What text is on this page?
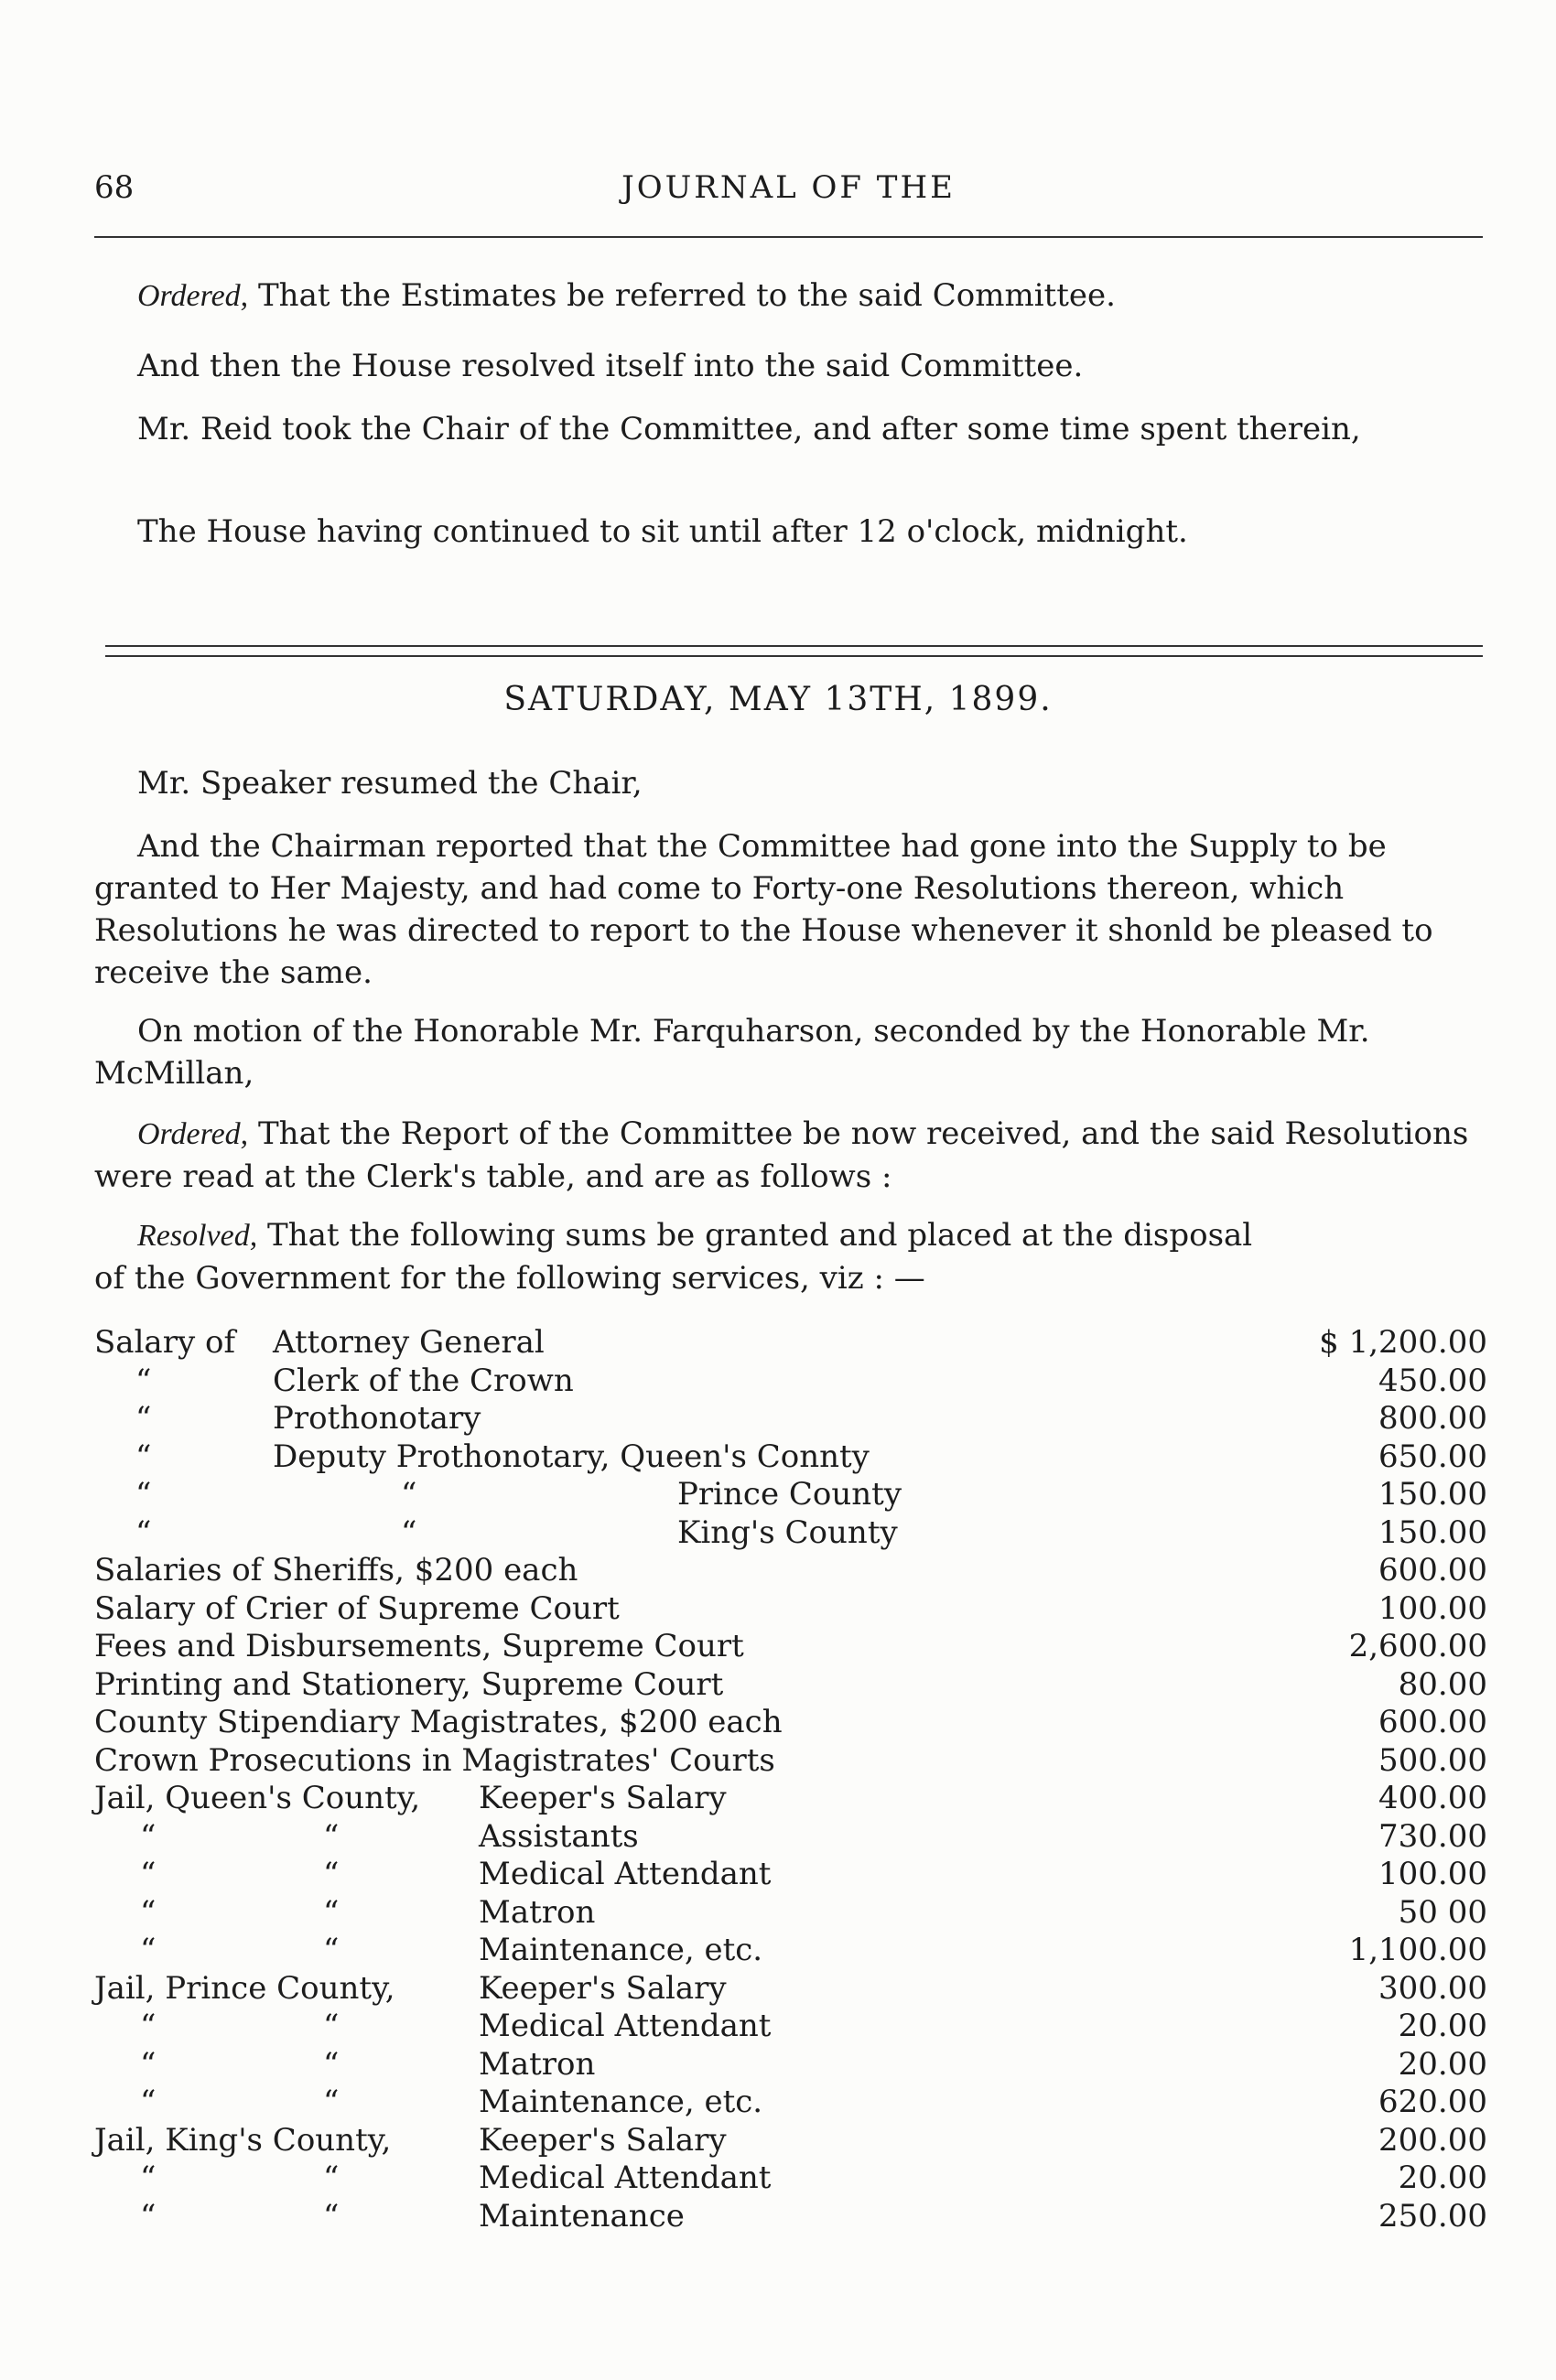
68	JOURNAL OF THE

Ordered, That the Estimates be referred to the said Committee.

And then the House resolved itself into the said Committee.

Mr. Reid took the Chair of the Committee, and after some time spent therein,

The House having continued to sit until after 12 o'clock, midnight.

SATURDAY, MAY 13TH, 1899.

Mr. Speaker resumed the Chair,

And the Chairman reported that the Committee had gone into the Supply to be granted to Her Majesty, and had come to Forty-one Resolutions thereon, which Resolutions he was directed to report to the House whenever it shonld be pleased to receive the same.

On motion of the Honorable Mr. Farquharson, seconded by the Honorable Mr. McMillan,

Ordered, That the Report of the Committee be now received, and the said Resolutions were read at the Clerk's table, and are as follows :

Resolved, That the following sums be granted and placed at the disposal of the Government for the following services, viz : —

Salary of Attorney General	$ 1,200.00
“	Clerk of the Crown	450.00
“	Prothonotary	800.00
“	Deputy Prothonotary, Queen's Connty	650.00
“	“	Prince County	150.00
“	“	King's County	150.00
Salaries of Sheriffs, $200 each	600.00
Salary of Crier of Supreme Court	100.00
Fees and Disbursements, Supreme Court	2,600.00
Printing and Stationery, Supreme Court	80.00
County Stipendiary Magistrates, $200 each	600.00
Crown Prosecutions in Magistrates' Courts	500.00
Jail, Queen's County, Keeper's Salary	400.00
“	“	Assistants	730.00
“	“	Medical Attendant	100.00
“	“	Matron	50 00
“	“	Maintenance, etc.	1,100.00
Jail, Prince County,	Keeper's Salary	300.00
“	“	Medical Attendant	20.00
“	“	Matron	20.00
“	“	Maintenance, etc.	620.00
Jail, King's County,	Keeper's Salary	200.00
“	“	Medical Attendant	20.00
“	“	Maintenance	250.00
